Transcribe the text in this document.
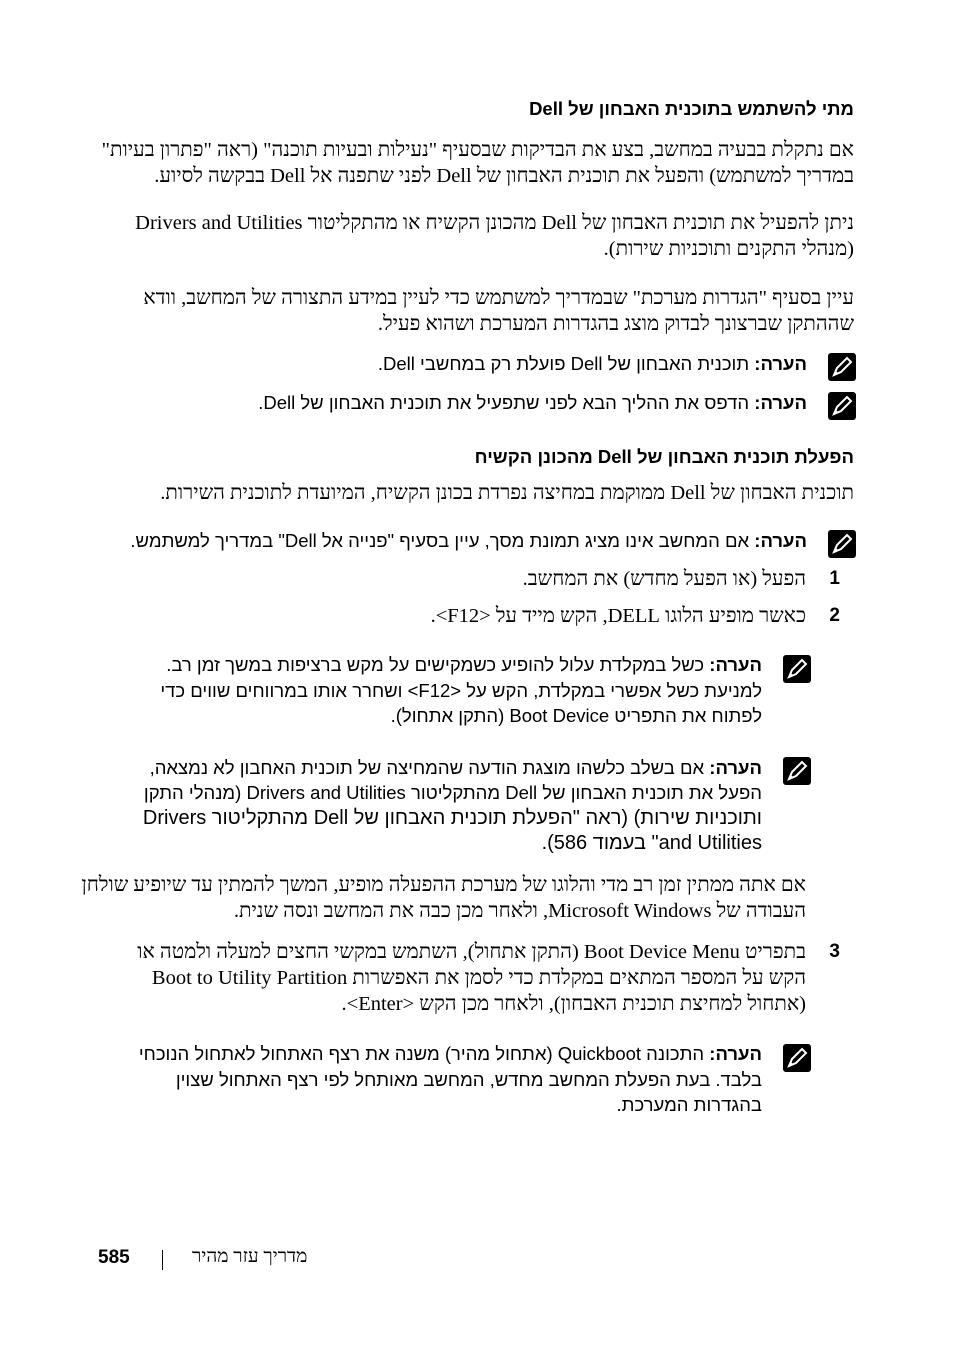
מתי להשתמש בתוכנית האבחון של Dell
אם נתקלת בבעיה במחשב, בצע את הבדיקות שבסעיף "נעילות ובעיות תוכנה" (ראה "פתרון בעיות"
במדריך למשתמש) והפעל את תוכנית האבחון של Dell לפני שתפנה אל Dell בבקשה לסיוע.
ניתן להפעיל את תוכנית האבחון של Dell מהכונן הקשיח או מהתקליטור Drivers and Utilities
(מנהלי התקנים ותוכניות שירות).
עיין בסעיף "הגדרות מערכת" שבמדריך למשתמש כדי לעיין במידע התצורה של המחשב, וודא
שההתקן שברצונך לבדוק מוצג בהגדרות המערכת ושהוא פעיל.
הערה: תוכנית האבחון של Dell פועלת רק במחשבי Dell.
הערה: הדפס את ההליך הבא לפני שתפעיל את תוכנית האבחון של Dell.
הפעלת תוכנית האבחון של Dell מהכונן הקשיח
תוכנית האבחון של Dell ממוקמת במחיצה נפרדת בכונן הקשיח, המיועדת לתוכנית השירות.
הערה: אם המחשב אינו מציג תמונת מסך, עיין בסעיף "פנייה אל Dell" במדריך למשתמש.
1
הפעל (או הפעל מחדש) את המחשב.
2
כאשר מופיע הלוגו DELL, הקש מייד על <F12>.
הערה: כשל במקלדת עלול להופיע כשמקישים על מקש ברציפות במשך זמן רב.
למניעת כשל אפשרי במקלדת, הקש על <F12> ושחרר אותו במרווחים שווים כדי
לפתוח את התפריט Boot Device (התקן אתחול).
הערה: אם בשלב כלשהו מוצגת הודעה שהמחיצה של תוכנית האחבון לא נמצאה,
הפעל את תוכנית האבחון של Dell מהתקליטור Drivers and Utilities (מנהלי התקן
ותוכניות שירות) (ראה "הפעלת תוכנית האבחון של Dell מהתקליטור Drivers
and Utilities" בעמוד 586).
אם אתה ממתין זמן רב מדי והלוגו של מערכת ההפעלה מופיע, המשך להמתין עד שיופיע שולחן
העבודה של Microsoft Windows, ולאחר מכן כבה את המחשב ונסה שנית.
3
בתפריט Boot Device Menu (התקן אתחול), השתמש במקשי החצים למעלה ולמטה או
הקש על המספר המתאים במקלדת כדי לסמן את האפשרות Boot to Utility Partition
(אתחול למחיצת תוכנית האבחון), ולאחר מכן הקש <Enter>.
הערה: התכונה Quickboot (אתחול מהיר) משנה את רצף האתחול לאתחול הנוכחי
בלבד. בעת הפעלת המחשב מחדש, המחשב מאותחל לפי רצף האתחול שצוין
בהגדרות המערכת.
585	מדריך עזר מהיר
